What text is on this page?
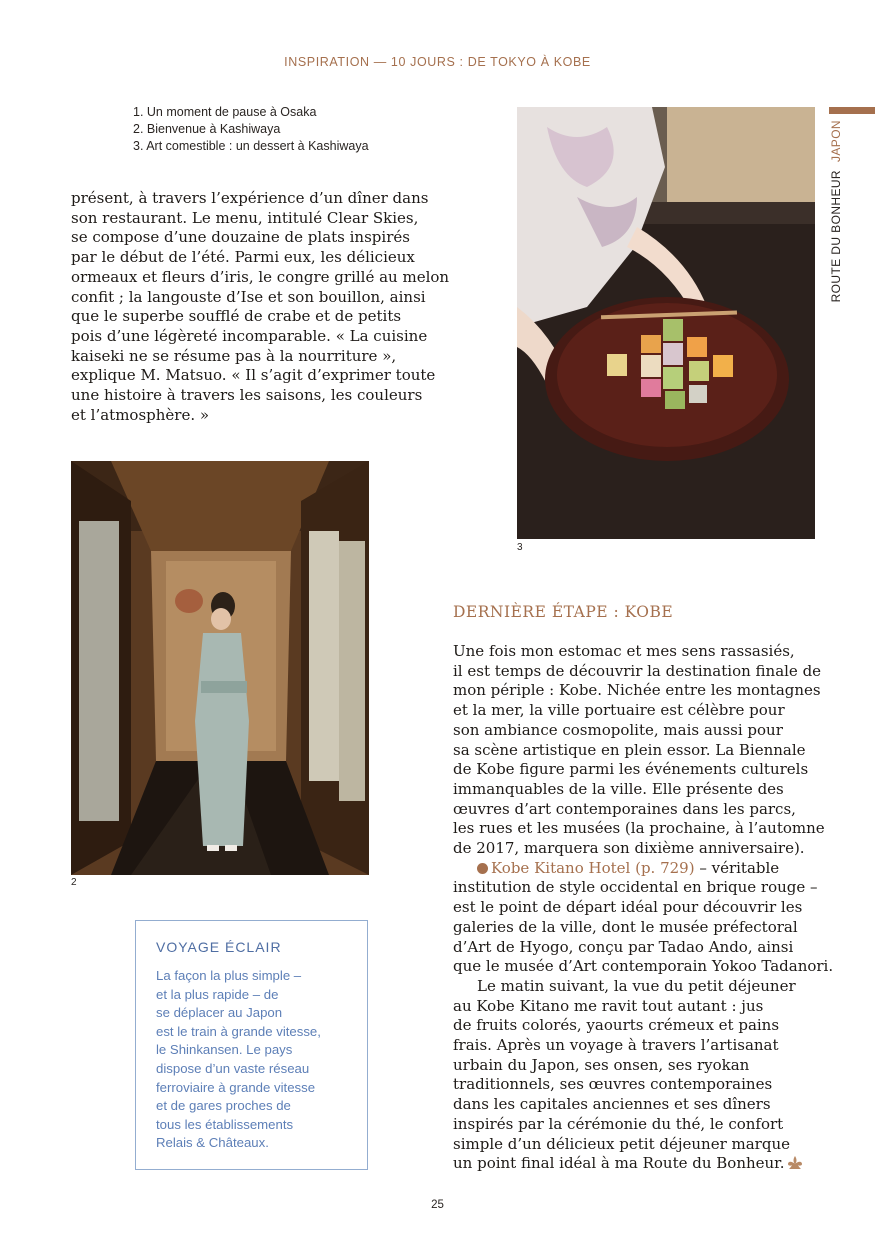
INSPIRATION — 10 JOURS : DE TOKYO À KOBE
ROUTE DU BONHEURJAPON
1. Un moment de pause à Osaka
2. Bienvenue à Kashiwaya
3. Art comestible : un dessert à Kashiwaya
présent, à travers l’expérience d’un dîner dans
son restaurant. Le menu, intitulé Clear Skies,
se compose d’une douzaine de plats inspirés
par le début de l’été. Parmi eux, les délicieux
ormeaux et fleurs d’iris, le congre grillé au melon
confit ; la langouste d’Ise et son bouillon, ainsi
que le superbe soufflé de crabe et de petits
pois d’une légèreté incomparable. « La cuisine
kaiseki ne se résume pas à la nourriture »,
explique M. Matsuo. « Il s’agit d’exprimer toute
une histoire à travers les saisons, les couleurs
et l’atmosphère. »
3
2
DERNIÈRE ÉTAPE : KOBE
Une fois mon estomac et mes sens rassasiés,
il est temps de découvrir la destination finale de
mon périple : Kobe. Nichée entre les montagnes
et la mer, la ville portuaire est célèbre pour
son ambiance cosmopolite, mais aussi pour
sa scène artistique en plein essor. La Biennale
de Kobe figure parmi les événements culturels
immanquables de la ville. Elle présente des
œuvres d’art contemporaines dans les parcs,
les rues et les musées (la prochaine, à l’automne
de 2017, marquera son dixième anniversaire).
Kobe Kitano Hotel (p. 729) – véritable
institution de style occidental en brique rouge –
est le point de départ idéal pour découvrir les
galeries de la ville, dont le musée préfectoral
d’Art de Hyogo, conçu par Tadao Ando, ainsi
que le musée d’Art contemporain Yokoo Tadanori.
Le matin suivant, la vue du petit déjeuner
au Kobe Kitano me ravit tout autant : jus
de fruits colorés, yaourts crémeux et pains
frais. Après un voyage à travers l’artisanat
urbain du Japon, ses onsen, ses ryokan
traditionnels, ses œuvres contemporaines
dans les capitales anciennes et ses dîners
inspirés par la cérémonie du thé, le confort
simple d’un délicieux petit déjeuner marque
un point final idéal à ma Route du Bonheur.
VOYAGE ÉCLAIR
La façon la plus simple –
et la plus rapide – de
se déplacer au Japon
est le train à grande vitesse,
le Shinkansen. Le pays
dispose d’un vaste réseau
ferroviaire à grande vitesse
et de gares proches de
tous les établissements
Relais & Châteaux.
25
